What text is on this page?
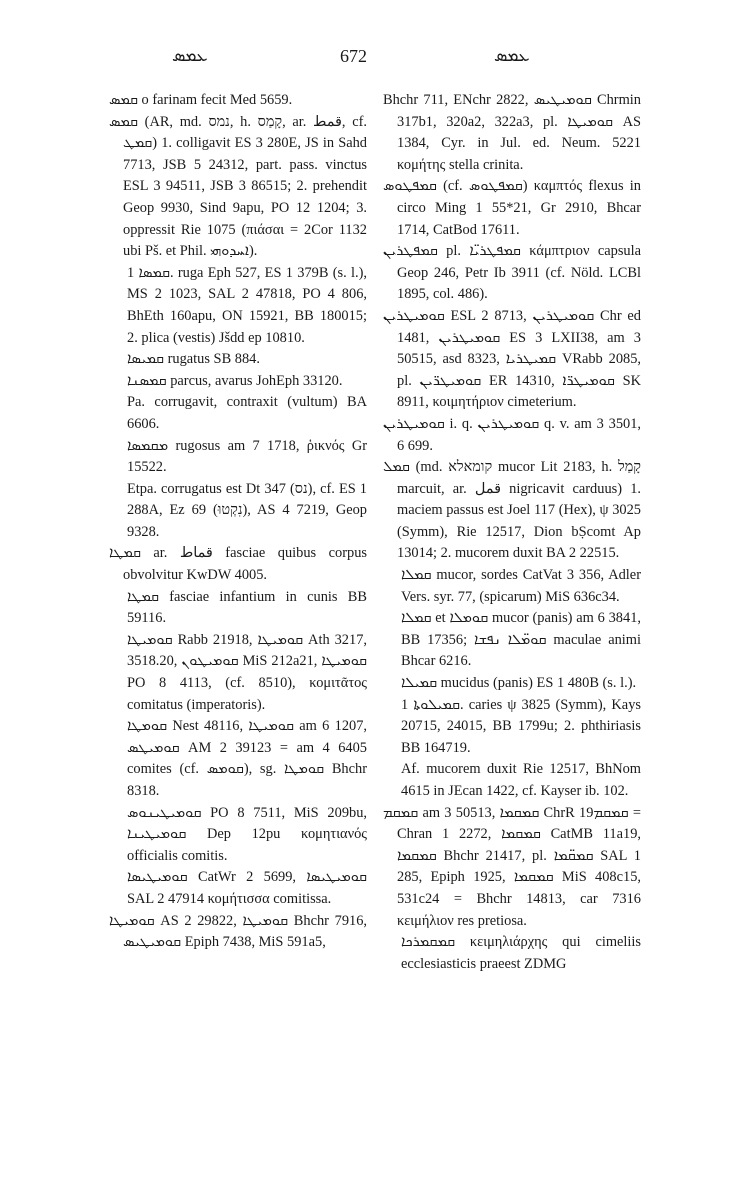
ܥܡܣ	672	ܥܡܣ

ܩܡܣ o farinam fecit Med 5659.

ܩܡܣ (AR, md. נמס, h. קָמַס, ar. قمط, cf. ܩܡܛ) 1. colligavit ES 3 280E, JS in Sahd 7713, JSB 5 24312, part. pass. vinctus ESL 3 94511, JSB 3 86515; 2. prehendit Geop 9930, Sind 9apu, PO 12 1204; 3. oppressit Rie 1075 (πιάσαι = 2Cor 1132 ubi Pš. et Phil. ܐܚܕܘܗܝ).

ܩܡܣܐ 1. ruga Eph 527, ES 1 379B (s. l.), MS 2 1023, SAL 2 47818, PO 4 806, BhEth 160apu, ON 15921, BB 180015; 2. plica (vestis) Jšdd ep 10810.

ܩܡܝܣܐ rugatus SB 884.

ܩܡܣܢܐ parcus, avarus JohEph 33120.

Pa. corrugavit, contraxit (vultum) BA 6606.

ܡܩܡܣܐ rugosus am 7 1718, ῥικνός Gr 15522.

Etpa. corrugatus est Dt 347 (נס), cf. ES 1 288A, Ez 69 (נִקְטוּ), AS 4 7219, Geop 9328.

ܩܡܛܐ ar. قماط fasciae quibus corpus obvolvitur KwDW 4005.

ܩܡܛܐ fasciae infantium in cunis BB 59116.

ܩܘܡܝܛܐ Rabb 21918, ܩܘܡܝܛܐ Ath 3217, 3518.20, ܩܘܡܝܛܘܢ MiS 212a21, ܩܘܡܝܛܐ PO 8 4113, (cf. 8510), κομιτᾶτος comitatus (imperatoris).

ܩܘܡܛܐ Nest 48116, ܩܘܡܝܛܐ am 6 1207, ܩܘܡܝܛܣ AM 2 39123 = am 4 6405 comites (cf. ܩܘܡܣ), sg. ܩܘܡܛܐ Bhchr 8318.

ܩܘܡܝܛܝܢܘܣ PO 8 7511, MiS 209bu, ܩܘܡܝܛܝܢܐ Dep 12pu κομητιανός officialis comitis.

ܩܘܡܝܛܝܣܐ CatWr 2 5699, ܩܘܡܝܛܝܣܐ SAL 2 47914 κομήτισσα comitissa.

ܩܘܡܝܛܐ AS 2 29822, ܩܘܡܝܛܐ Bhchr 7916, ܩܘܡܝܛܝܣ Epiph 7438, MiS 591a5,

Bhchr 711, ENchr 2822, ܩܘܡܝܛܝܣ Chrmin 317b1, 320a2, 322a3, pl. ܩܘܡܝܛܐ AS 1384, Cyr. in Jul. ed. Neum. 5221 κομήτης stella crinita.

ܩܡܦܛܘܣ (cf. ܩܡܦܛܘܣ) καμπτός flexus in circo Ming 1 55*21, Gr 2910, Bhcar 1714, CatBod 17611.

ܩܡܦܛܪܝܢ pl. ܩܡܦܛܪܝ̈ܐ κάμπτριον capsula Geop 246, Petr Ib 3911 (cf. Nöld. LCBl 1895, col. 486).

ܩܘܡܝܛܪܝܢ ESL 2 8713, ܩܘܡܝܛܪܝܢ Chr ed 1481, ܩܘܡܝܛܪܝܢ ES 3 LXII38, am 3 50515, asd 8323, ܩܡܝܛܪܝܐ VRabb 2085, pl. ܩܘܡܝܛܪ̈ܝܢ ER 14310, ܩܘܡܝܛܪ̈ܐ SK 8911, κοιμητήριον cimeterium.

ܩܘܡܝܛܪܝܢ i. q. ܩܘܡܝܛܪܝܢ q. v. am 3 3501, 6 699.

ܩܡܠ (md. קומאלא mucor Lit 2183, h. קָמַל marcuit, ar. قمل nigricavit carduus) 1. maciem passus est Joel 117 (Hex), ψ 3025 (Symm), Rie 12517, Dion bṢcomt Ap 13014; 2. mucorem duxit BA 2 22515.

ܩܡܠܐ mucor, sordes CatVat 3 356, Adler Vers. syr. 77, (spicarum) MiS 636c34.

ܩܡܠܐ et ܩܘܡܠܐ mucor (panis) am 6 3841, BB 17356; ܩܘܡ̈ܠܐ ܢܦܫܐ maculae animi Bhcar 6216.

ܩܡܝܠܐ mucidus (panis) ES 1 480B (s. l.).

ܩܡܝܠܘܬܐ 1. caries ψ 3825 (Symm), Kays 20715, 24015, BB 1799u; 2. phthiriasis BB 164719.

Af. mucorem duxit Rie 12517, BhNom 4615 in JEcan 1422, cf. Kayser ib. 102.

ܩܡܩܡ am 3 50513, ܩܡܩܡܐ ChrR ܩܡܩܡ19 = Chran 1 2272, ܩܡܩܡܐ CatMB 11a19, ܩܡܩܡܐ Bhchr 21417, pl. ܩܡܩ̈ܡܐ SAL 1 285, Epiph 1925, ܩܡܩܡܐ MiS 408c15, 531c24 = Bhchr 14813, car 7316 κειμήλιον res pretiosa.

ܩܡܩܡܪܟܐ κειμηλιάρχης qui cimeliis ecclesiasticis praeest ZDMG
